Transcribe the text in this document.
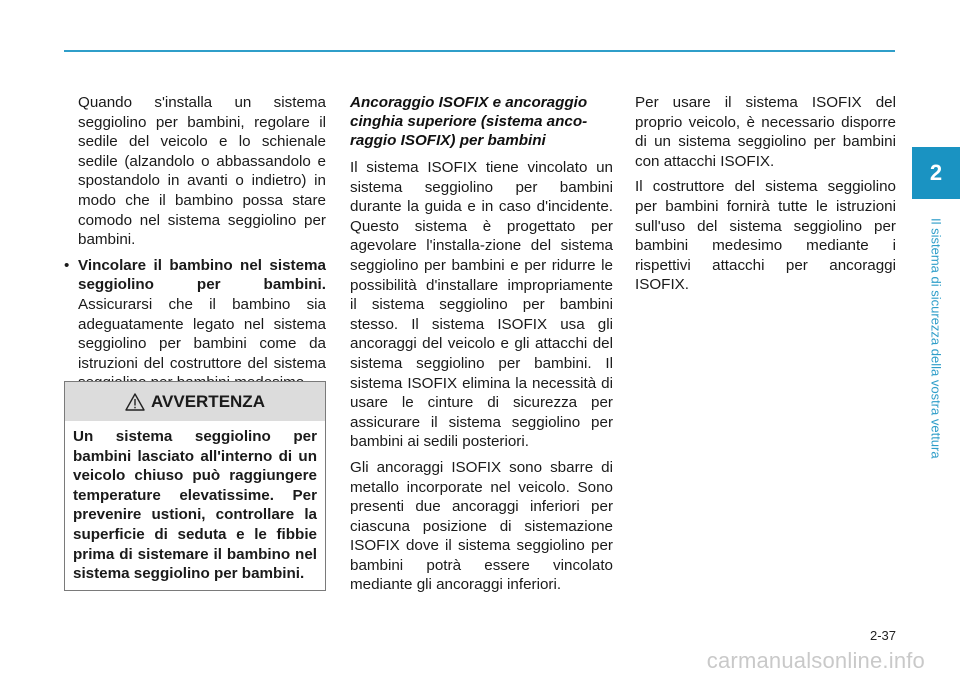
2
Il sistema di sicurezza della vostra vettura

Quando s'installa un sistema seggiolino per bambini, regolare il sedile del veicolo e lo schienale sedile (alzandolo o abbassandolo e spostandolo in avanti o indietro) in modo che il bambino possa stare comodo nel sistema seggiolino per bambini.

• Vincolare il bambino nel sistema seggiolino per bambini. Assicurarsi che il bambino sia adeguatamente legato nel sistema seggiolino per bambini come da istruzioni del costruttore del sistema
AVVERTENZA
Un sistema seggiolino per bambini lasciato all'interno di un veicolo chiuso può raggiungere temperature elevatissime. Per prevenire ustioni, controllare la superficie di seduta e le fibbie prima di sistemare il bambino nel sistema seggiolino per bambini.
Ancoraggio ISOFIX e ancoraggio cinghia superiore (sistema anco-raggio ISOFIX) per bambini

Il sistema ISOFIX tiene vincolato un sistema seggiolino per bambini durante la guida e in caso d'incidente. Questo sistema è progettato per agevolare l'installa-zione del sistema seggiolino per bambini e per ridurre le possibilità d'installare impropriamente il sistema seggiolino per bambini stesso. Il sistema ISOFIX usa gli ancoraggi del veicolo e gli attacchi del sistema seggiolino per bambini. Il sistema ISOFIX elimina la necessità di usare le cinture di sicurezza per assicurare il sistema seggiolino per bambini ai sedili posteriori.

Gli ancoraggi ISOFIX sono sbarre di metallo incorporate nel veicolo. Sono presenti due ancoraggi inferiori per ciascuna posizione di sistemazione ISOFIX dove il sistema seggiolino per bambini potrà essere vincolato mediante gli ancoraggi inferiori.

Per usare il sistema ISOFIX del proprio veicolo, è necessario disporre di un sistema seggiolino per bambini con attacchi ISOFIX.

Il costruttore del sistema seggiolino per bambini fornirà tutte le istruzioni sull'uso del sistema seggiolino per bambini medesimo mediante i rispettivi attacchi per ancoraggi ISOFIX.

2-37
carmanualsonline.info
